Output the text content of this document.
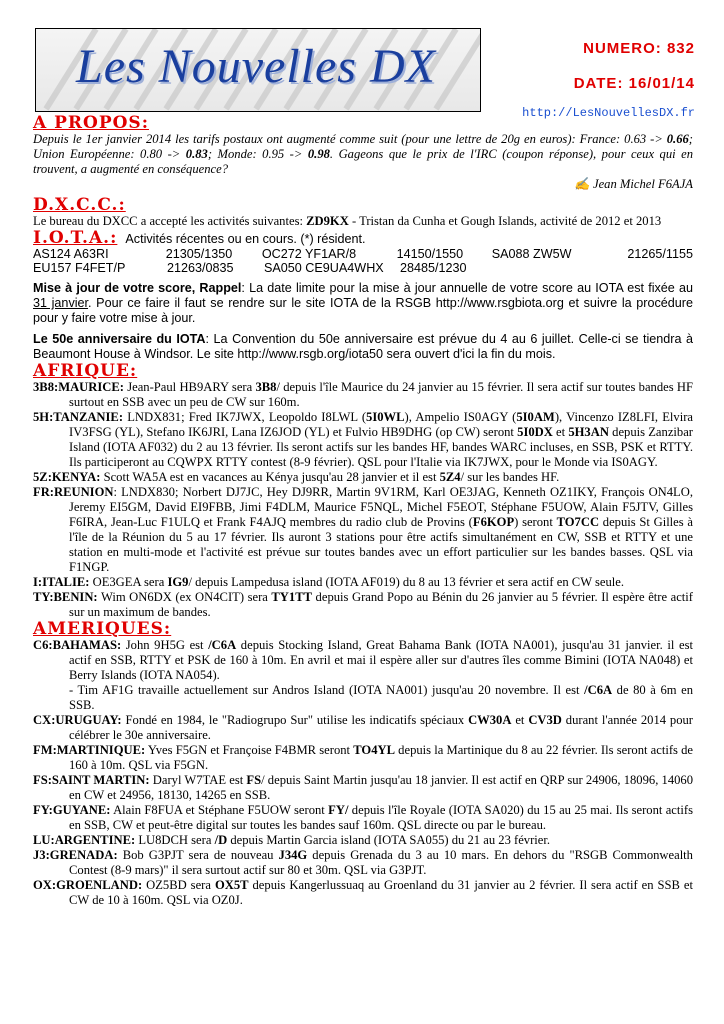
Les Nouvelles DX	NUMERO: 832
DATE: 16/01/14
http://LesNouvellesDX.fr
A PROPOS:
Depuis le 1er janvier 2014 les tarifs postaux ont augmenté comme suit (pour une lettre de 20g en euros): France: 0.63 -> 0.66; Union Européenne: 0.80 -> 0.83; Monde: 0.95 -> 0.98. Gageons que le prix de l'IRC (coupon réponse), pour ceux qui en trouvent, a augmenté en conséquence?
✍ Jean Michel F6AJA
D.X.C.C.:
Le bureau du DXCC a accepté les activités suivantes: ZD9KX - Tristan da Cunha et Gough Islands, activité de 2012 et 2013
I.O.T.A.: Activités récentes ou en cours. (*) résident.
AS124 A63RI	21305/1350	OC272 YF1AR/8	14150/1550	SA088 ZW5W	21265/1155
EU157 F4FET/P	21263/0835	SA050 CE9UA4WHX	28485/1230
Mise à jour de votre score, Rappel: La date limite pour la mise à jour annuelle de votre score au IOTA est fixée au 31 janvier. Pour ce faire il faut se rendre sur le site IOTA de la RSGB http://www.rsgbiota.org et suivre la procédure pour y faire votre mise à jour.
Le 50e anniversaire du IOTA: La Convention du 50e anniversaire est prévue du 4 au 6 juillet. Celle-ci se tiendra à Beaumont House à Windsor. Le site http://www.rsgb.org/iota50 sera ouvert d'ici la fin du mois.
AFRIQUE:
3B8:MAURICE: Jean-Paul HB9ARY sera 3B8/ depuis l'île Maurice du 24 janvier au 15 février. Il sera actif sur toutes bandes HF surtout en SSB avec un peu de CW sur 160m.
5H:TANZANIE: LNDX831; Fred IK7JWX, Leopoldo I8LWL (5I0WL), Ampelio IS0AGY (5I0AM), Vincenzo IZ8LFI, Elvira IV3FSG (YL), Stefano IK6JRI, Lana IZ6JOD (YL) et Fulvio HB9DHG (op CW) seront 5I0DX et 5H3AN depuis Zanzibar Island (IOTA AF032) du 2 au 13 février. Ils seront actifs sur les bandes HF, bandes WARC incluses, en SSB, PSK et RTTY. Ils participeront au CQWPX RTTY contest (8-9 février). QSL pour l'Italie via IK7JWX, pour le Monde via IS0AGY.
5Z:KENYA: Scott WA5A est en vacances au Kénya jusqu'au 28 janvier et il est 5Z4/ sur les bandes HF.
FR:REUNION: LNDX830; Norbert DJ7JC, Hey DJ9RR, Martin 9V1RM, Karl OE3JAG, Kenneth OZ1IKY, François ON4LO, Jeremy EI5GM, David EI9FBB, Jimi F4DLM, Maurice F5NQL, Michel F5EOT, Stéphane F5UOW, Alain F5JTV, Gilles F6IRA, Jean-Luc F1ULQ et Frank F4AJQ membres du radio club de Provins (F6KOP) seront TO7CC depuis St Gilles à l'île de la Réunion du 5 au 17 février. Ils auront 3 stations pour être actifs simultanément en CW, SSB et RTTY et une station en multi-mode et l'activité est prévue sur toutes bandes avec un effort particulier sur les bandes basses. QSL via F1NGP.
I:ITALIE: OE3GEA sera IG9/ depuis Lampedusa island (IOTA AF019) du 8 au 13 février et sera actif en CW seule.
TY:BENIN: Wim ON6DX (ex ON4CIT) sera TY1TT depuis Grand Popo au Bénin du 26 janvier au 5 février. Il espère être actif sur un maximum de bandes.
AMERIQUES:
C6:BAHAMAS: John 9H5G est /C6A depuis Stocking Island, Great Bahama Bank (IOTA NA001), jusqu'au 31 janvier. il est actif en SSB, RTTY et PSK de 160 à 10m. En avril et mai il espère aller sur d'autres îles comme Bimini (IOTA NA048) et Berry Islands (IOTA NA054).
- Tim AF1G travaille actuellement sur Andros Island (IOTA NA001) jusqu'au 20 novembre. Il est /C6A de 80 à 6m en SSB.
CX:URUGUAY: Fondé en 1984, le "Radiogrupo Sur" utilise les indicatifs spéciaux CW30A et CV3D durant l'année 2014 pour célébrer le 30e anniversaire.
FM:MARTINIQUE: Yves F5GN et Françoise F4BMR seront TO4YL depuis la Martinique du 8 au 22 février. Ils seront actifs de 160 à 10m. QSL via F5GN.
FS:SAINT MARTIN: Daryl W7TAE est FS/ depuis Saint Martin jusqu'au 18 janvier. Il est actif en QRP sur 24906, 18096, 14060 en CW et 24956, 18130, 14265 en SSB.
FY:GUYANE: Alain F8FUA et Stéphane F5UOW seront FY/ depuis l'île Royale (IOTA SA020) du 15 au 25 mai. Ils seront actifs en SSB, CW et peut-être digital sur toutes les bandes sauf 160m. QSL directe ou par le bureau.
LU:ARGENTINE: LU8DCH sera /D depuis Martin Garcia island (IOTA SA055) du 21 au 23 février.
J3:GRENADA: Bob G3PJT sera de nouveau J34G depuis Grenada du 3 au 10 mars. En dehors du "RSGB Commonwealth Contest (8-9 mars)" il sera surtout actif sur 80 et 30m. QSL via G3PJT.
OX:GROENLAND: OZ5BD sera OX5T depuis Kangerlussuaq au Groenland du 31 janvier au 2 février. Il sera actif en SSB et CW de 10 à 160m. QSL via OZ0J.
